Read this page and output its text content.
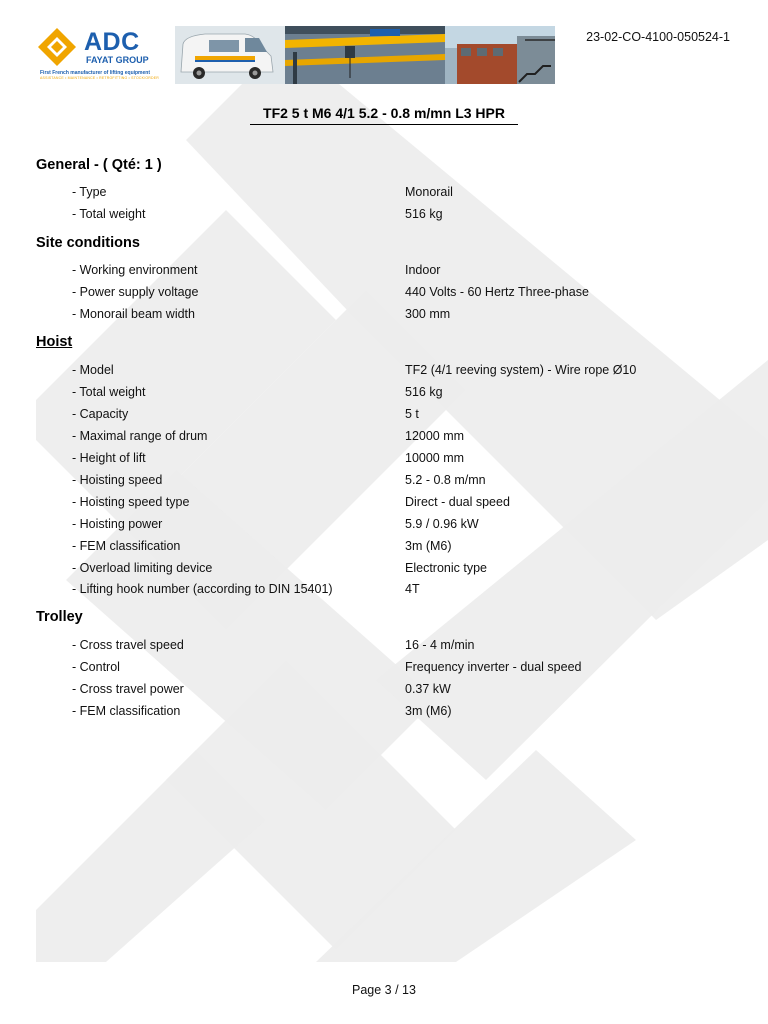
ADC
FAYAT GROUP
First French manufacturer of lifting equipment
ASSISTANCE • MAINTENANCE • RETROFITTING • STOCK/ORDER
23-02-CO-4100-050524-1
TF2 5 t M6 4/1 5.2 - 0.8 m/mn L3 HPR
General - ( Qté: 1 )
- Type	Monorail
- Total weight	516 kg
Site conditions
- Working environment	Indoor
- Power supply voltage	440 Volts - 60 Hertz Three-phase
- Monorail beam width	300 mm
Hoist
- Model	TF2 (4/1 reeving system) - Wire rope Ø10
- Total weight	516 kg
- Capacity	5 t
- Maximal range of drum	12000 mm
- Height of lift	10000 mm
- Hoisting speed	5.2 - 0.8 m/mn
- Hoisting speed type	Direct - dual speed
- Hoisting power	5.9 / 0.96 kW
- FEM classification	3m (M6)
- Overload limiting device	Electronic type
- Lifting hook number (according to DIN 15401)	4T
Trolley
- Cross travel speed	16 - 4 m/min
- Control	Frequency inverter - dual speed
- Cross travel power	0.37 kW
- FEM classification	3m (M6)
Page 3 / 13
